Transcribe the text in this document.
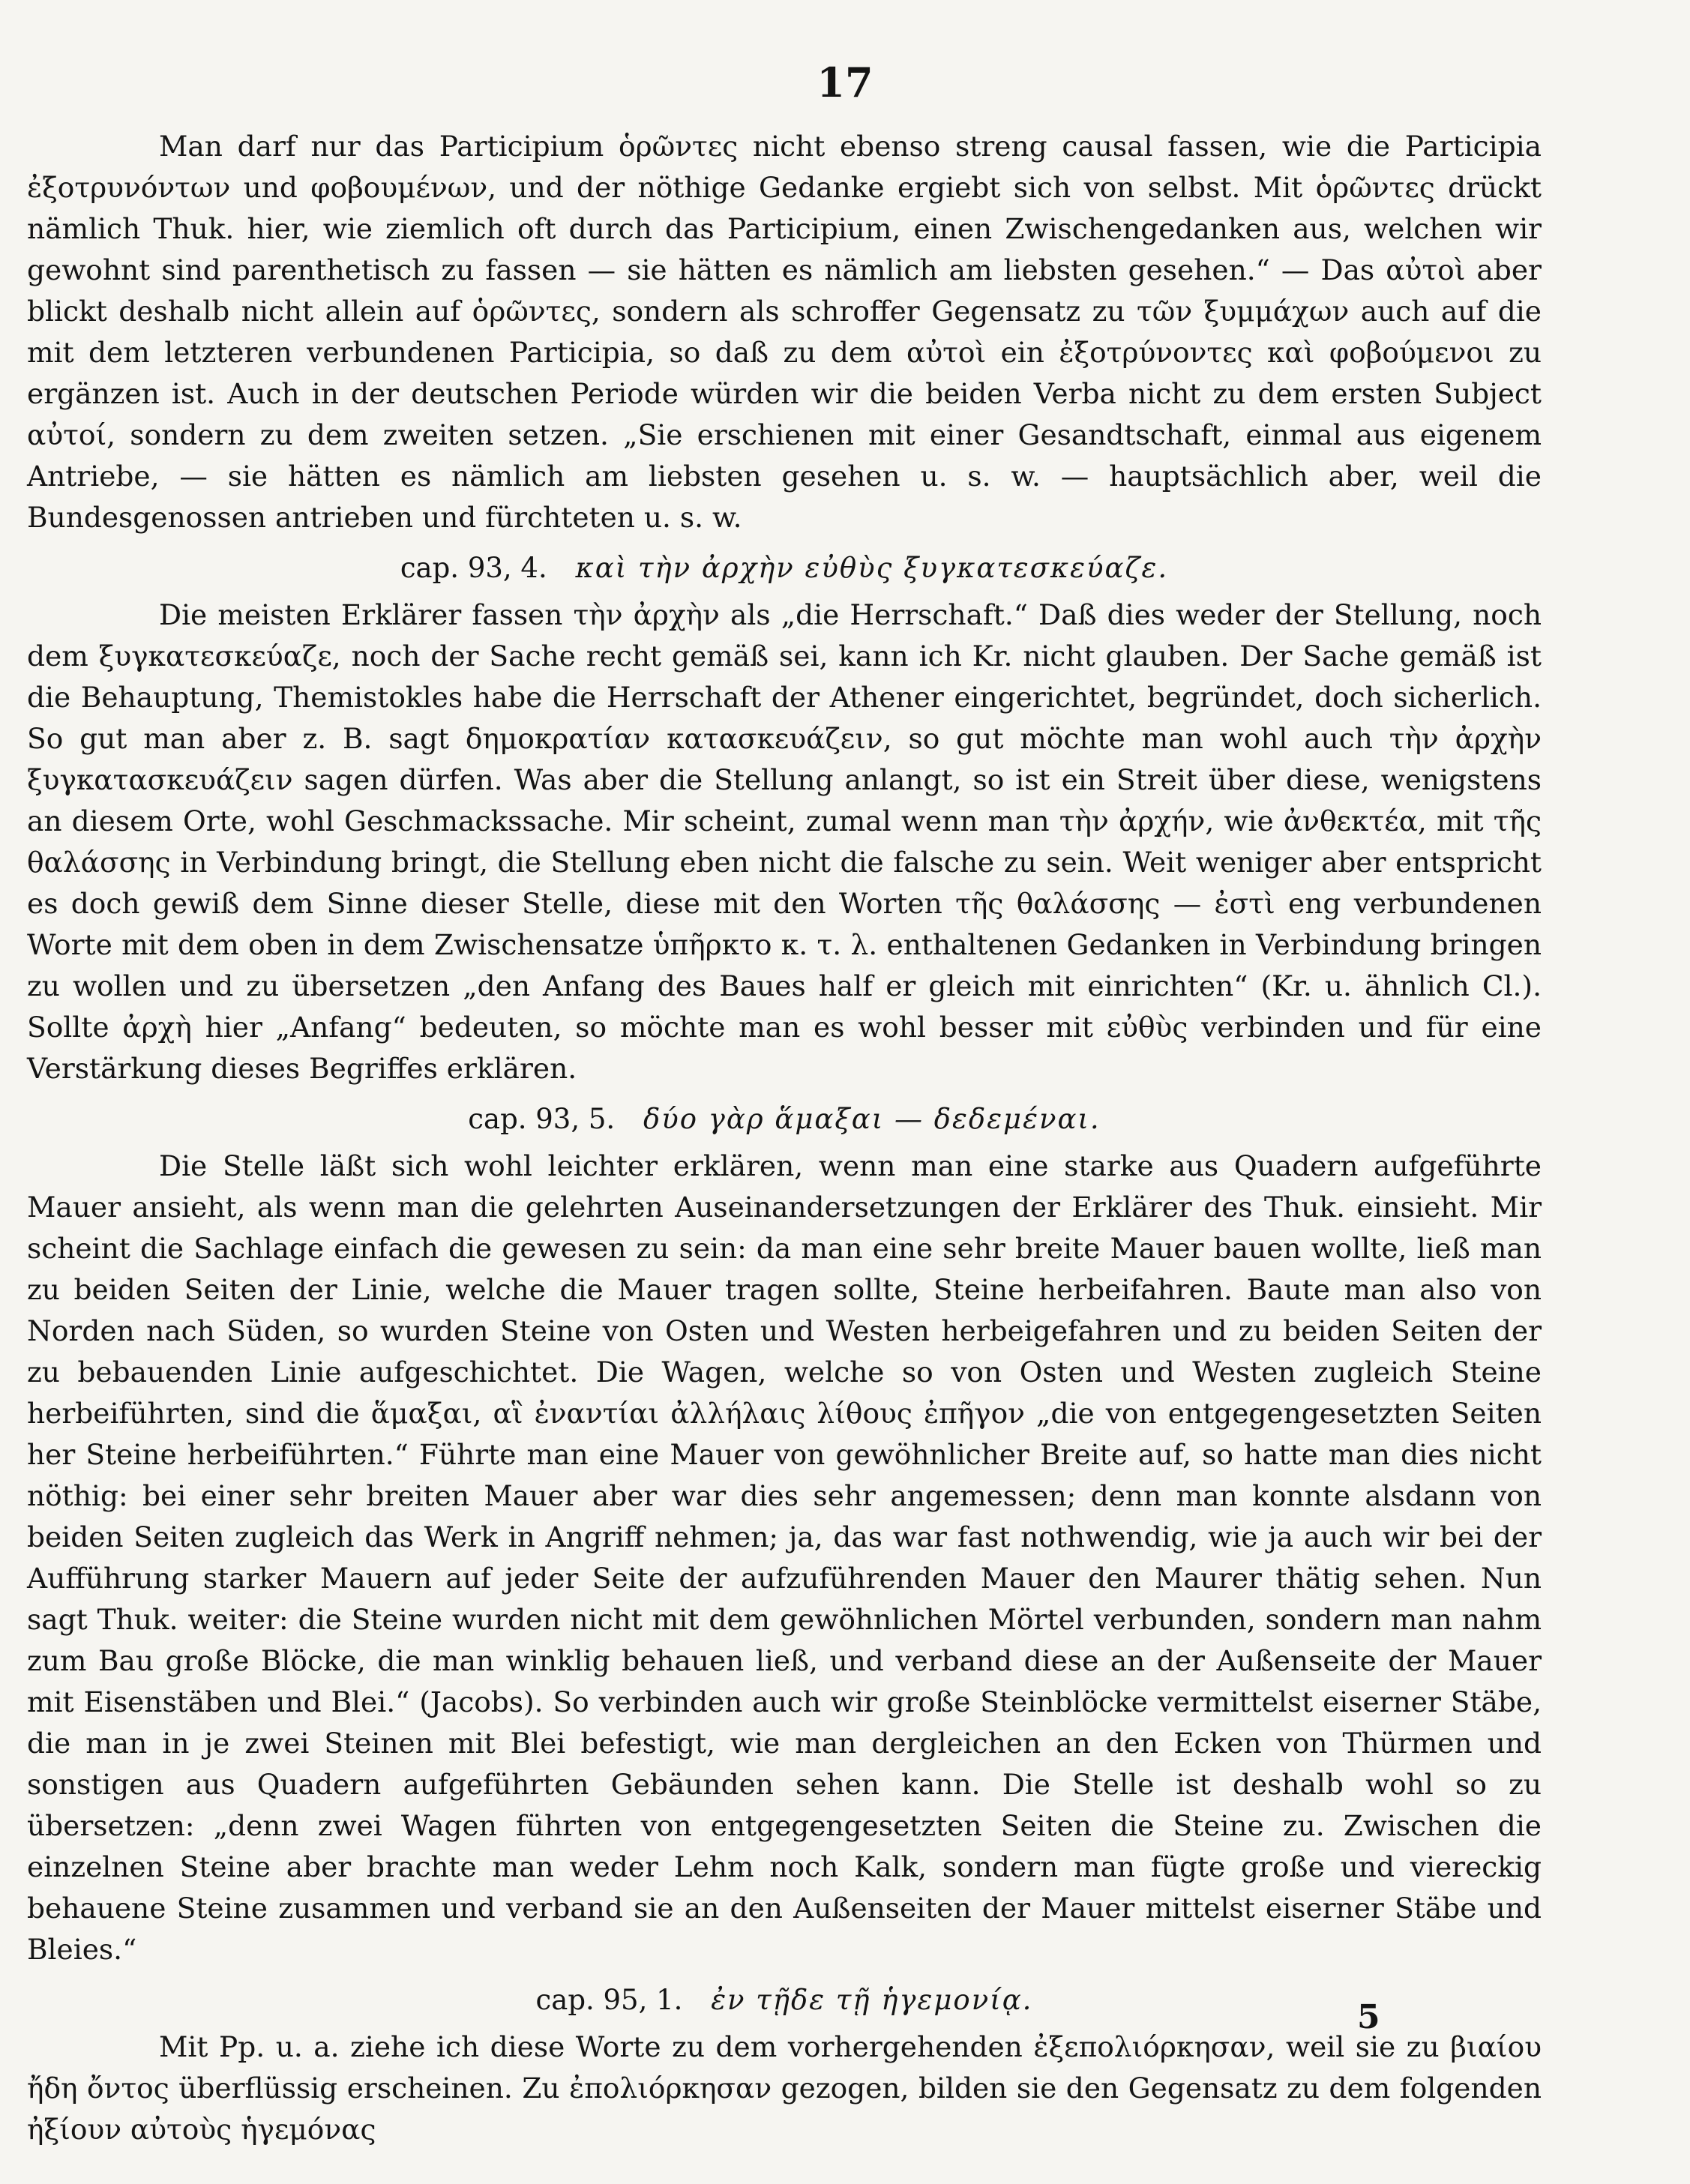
17

Man darf nur das Participium ὁρῶντες nicht ebenso streng causal fassen, wie die Participia ἐξοτρυνόντων und φοβουμένων, und der nöthige Gedanke ergiebt sich von selbst. Mit ὁρῶντες drückt nämlich Thuk. hier, wie ziemlich oft durch das Participium, einen Zwischengedanken aus, welchen wir gewohnt sind parenthetisch zu fassen — sie hätten es nämlich am liebsten gesehen.“ — Das αὐτοὶ aber blickt deshalb nicht allein auf ὁρῶντες, sondern als schroffer Gegensatz zu τῶν ξυμμάχων auch auf die mit dem letzteren verbundenen Participia, so daß zu dem αὐτοὶ ein ἐξοτρύνοντες καὶ φοβούμενοι zu ergänzen ist. Auch in der deutschen Periode würden wir die beiden Verba nicht zu dem ersten Subject αὐτοί, sondern zu dem zweiten setzen. „Sie erschienen mit einer Gesandtschaft, einmal aus eigenem Antriebe, — sie hätten es nämlich am liebsten gesehen u. s. w. — hauptsächlich aber, weil die Bundesgenossen antrieben und fürchteten u. s. w.

cap. 93, 4. καὶ τὴν ἀρχὴν εὐθὺς ξυγκατεσκεύαζε.

Die meisten Erklärer fassen τὴν ἀρχὴν als „die Herrschaft.“ Daß dies weder der Stellung, noch dem ξυγκατεσκεύαζε, noch der Sache recht gemäß sei, kann ich Kr. nicht glauben. Der Sache gemäß ist die Behauptung, Themistokles habe die Herrschaft der Athener eingerichtet, begründet, doch sicherlich. So gut man aber z. B. sagt δημοκρατίαν κατασκευάζειν, so gut möchte man wohl auch τὴν ἀρχὴν ξυγκατασκευάζειν sagen dürfen. Was aber die Stellung anlangt, so ist ein Streit über diese, wenigstens an diesem Orte, wohl Geschmackssache. Mir scheint, zumal wenn man τὴν ἀρχήν, wie ἀνθεκτέα, mit τῆς θαλάσσης in Verbindung bringt, die Stellung eben nicht die falsche zu sein. Weit weniger aber entspricht es doch gewiß dem Sinne dieser Stelle, diese mit den Worten τῆς θαλάσσης — ἐστὶ eng verbundenen Worte mit dem oben in dem Zwischensatze ὑπῆρκτο κ. τ. λ. enthaltenen Gedanken in Verbindung bringen zu wollen und zu übersetzen „den Anfang des Baues half er gleich mit einrichten“ (Kr. u. ähnlich Cl.). Sollte ἀρχὴ hier „Anfang“ bedeuten, so möchte man es wohl besser mit εὐθὺς verbinden und für eine Verstärkung dieses Begriffes erklären.

cap. 93, 5. δύο γὰρ ἅμαξαι — δεδεμέναι.

Die Stelle läßt sich wohl leichter erklären, wenn man eine starke aus Quadern aufgeführte Mauer ansieht, als wenn man die gelehrten Auseinandersetzungen der Erklärer des Thuk. einsieht. Mir scheint die Sachlage einfach die gewesen zu sein: da man eine sehr breite Mauer bauen wollte, ließ man zu beiden Seiten der Linie, welche die Mauer tragen sollte, Steine herbeifahren. Baute man also von Norden nach Süden, so wurden Steine von Osten und Westen herbeigefahren und zu beiden Seiten der zu bebauenden Linie aufgeschichtet. Die Wagen, welche so von Osten und Westen zugleich Steine herbeiführten, sind die ἅμαξαι, αἳ ἐναντίαι ἀλλήλαις λίθους ἐπῆγον „die von entgegengesetzten Seiten her Steine herbeiführten.“ Führte man eine Mauer von gewöhnlicher Breite auf, so hatte man dies nicht nöthig: bei einer sehr breiten Mauer aber war dies sehr angemessen; denn man konnte alsdann von beiden Seiten zugleich das Werk in Angriff nehmen; ja, das war fast nothwendig, wie ja auch wir bei der Aufführung starker Mauern auf jeder Seite der aufzuführenden Mauer den Maurer thätig sehen. Nun sagt Thuk. weiter: die Steine wurden nicht mit dem gewöhnlichen Mörtel verbunden, sondern man nahm zum Bau große Blöcke, die man winklig behauen ließ, und verband diese an der Außenseite der Mauer mit Eisenstäben und Blei.“ (Jacobs). So verbinden auch wir große Steinblöcke vermittelst eiserner Stäbe, die man in je zwei Steinen mit Blei befestigt, wie man dergleichen an den Ecken von Thürmen und sonstigen aus Quadern aufgeführten Gebäunden sehen kann. Die Stelle ist deshalb wohl so zu übersetzen: „denn zwei Wagen führten von entgegengesetzten Seiten die Steine zu. Zwischen die einzelnen Steine aber brachte man weder Lehm noch Kalk, sondern man fügte große und viereckig behauene Steine zusammen und verband sie an den Außenseiten der Mauer mittelst eiserner Stäbe und Bleies.“

cap. 95, 1. ἐν τῇδε τῇ ἡγεμονίᾳ.

Mit Pp. u. a. ziehe ich diese Worte zu dem vorhergehenden ἐξεπολιόρκησαν, weil sie zu βιαίου ἤδη ὄντος überflüssig erscheinen. Zu ἐπολιόρκησαν gezogen, bilden sie den Gegensatz zu dem folgenden ἠξίουν αὐτοὺς ἡγεμόνας

5
